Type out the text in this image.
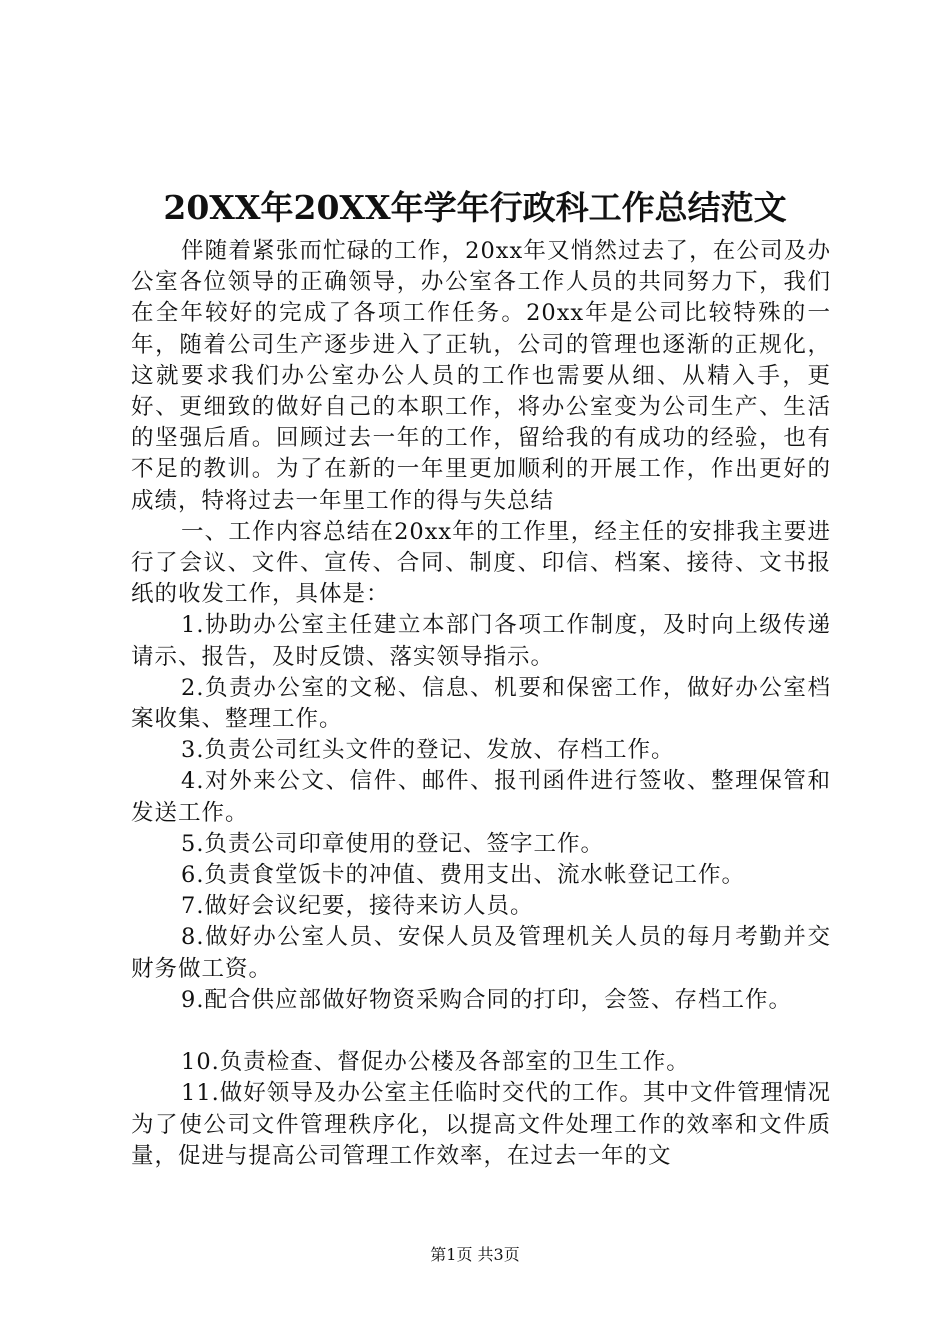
20XX年20XX年学年行政科工作总结范文

伴随着紧张而忙碌的工作，20xx年又悄然过去了，在公司及办公室各位领导的正确领导，办公室各工作人员的共同努力下，我们在全年较好的完成了各项工作任务。20xx年是公司比较特殊的一年，随着公司生产逐步进入了正轨，公司的管理也逐渐的正规化，这就要求我们办公室办公人员的工作也需要从细、从精入手，更好、更细致的做好自己的本职工作，将办公室变为公司生产、生活的坚强后盾。回顾过去一年的工作，留给我的有成功的经验，也有不足的教训。为了在新的一年里更加顺利的开展工作，作出更好的成绩，特将过去一年里工作的得与失总结

一、工作内容总结在20xx年的工作里，经主任的安排我主要进行了会议、文件、宣传、合同、制度、印信、档案、接待、文书报纸的收发工作，具体是：

1.协助办公室主任建立本部门各项工作制度，及时向上级传递请示、报告，及时反馈、落实领导指示。

2.负责办公室的文秘、信息、机要和保密工作，做好办公室档案收集、整理工作。

3.负责公司红头文件的登记、发放、存档工作。

4.对外来公文、信件、邮件、报刊函件进行签收、整理保管和发送工作。

5.负责公司印章使用的登记、签字工作。

6.负责食堂饭卡的冲值、费用支出、流水帐登记工作。

7.做好会议纪要，接待来访人员。

8.做好办公室人员、安保人员及管理机关人员的每月考勤并交财务做工资。

9.配合供应部做好物资采购合同的打印，会签、存档工作。

10.负责检查、督促办公楼及各部室的卫生工作。

11.做好领导及办公室主任临时交代的工作。其中文件管理情况为了使公司文件管理秩序化，以提高文件处理工作的效率和文件质量，促进与提高公司管理工作效率，在过去一年的文

第1页 共3页
